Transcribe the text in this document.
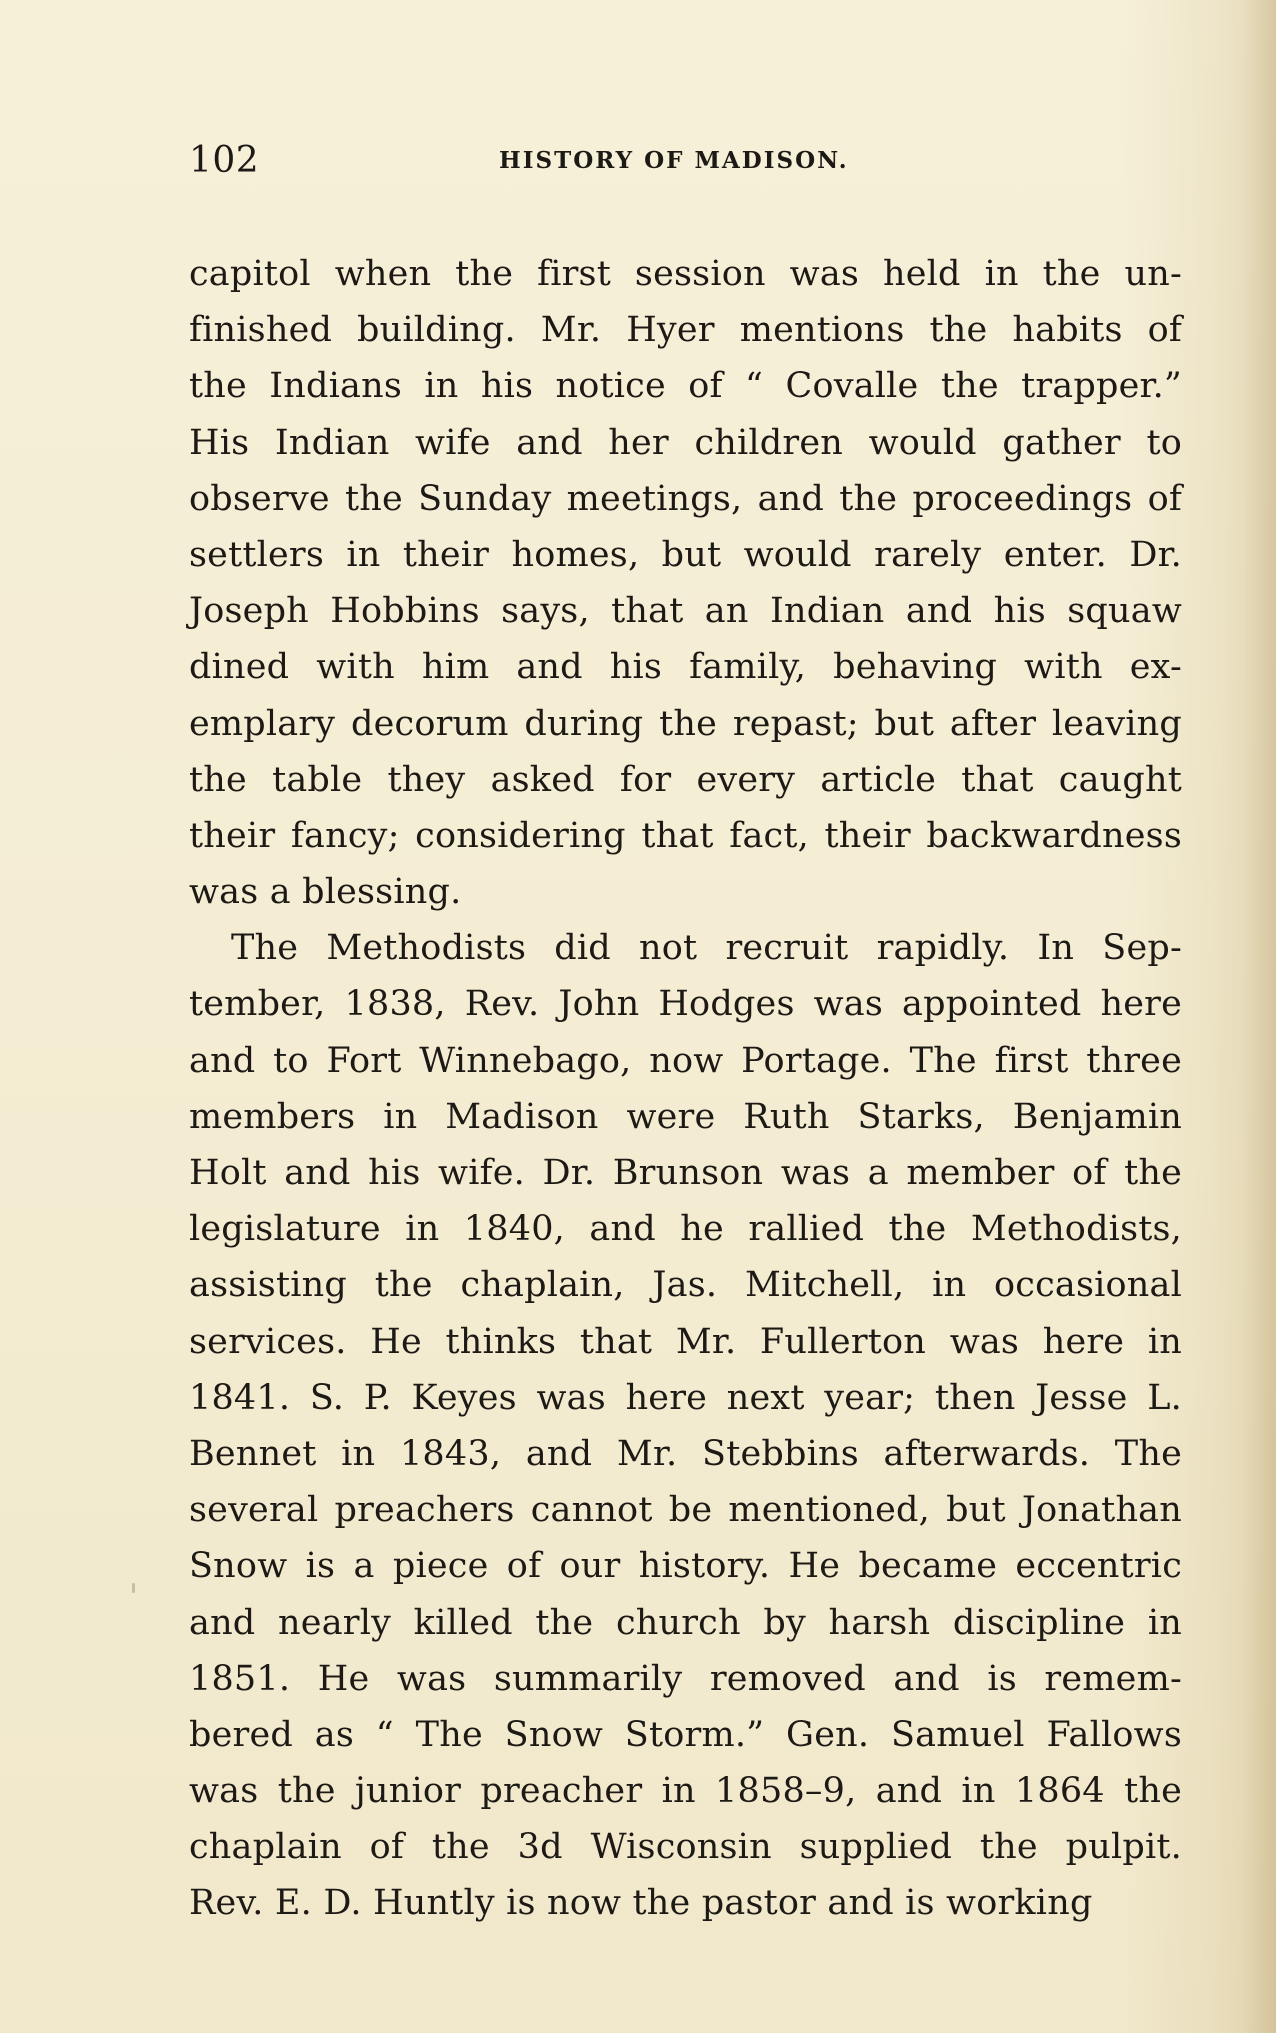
102	HISTORY OF MADISON.
capitol when the first session was held in the un-
finished building. Mr. Hyer mentions the habits of
the Indians in his notice of “ Covalle the trapper.”
His Indian wife and her children would gather to
observe the Sunday meetings, and the proceedings of
settlers in their homes, but would rarely enter. Dr.
Joseph Hobbins says, that an Indian and his squaw
dined with him and his family, behaving with ex-
emplary decorum during the repast; but after leaving
the table they asked for every article that caught
their fancy; considering that fact, their backwardness
was a blessing.
The Methodists did not recruit rapidly. In Sep-
tember, 1838, Rev. John Hodges was appointed here
and to Fort Winnebago, now Portage. The first three
members in Madison were Ruth Starks, Benjamin
Holt and his wife. Dr. Brunson was a member of the
legislature in 1840, and he rallied the Methodists,
assisting the chaplain, Jas. Mitchell, in occasional
services. He thinks that Mr. Fullerton was here in
1841. S. P. Keyes was here next year; then Jesse L.
Bennet in 1843, and Mr. Stebbins afterwards. The
several preachers cannot be mentioned, but Jonathan
Snow is a piece of our history. He became eccentric
and nearly killed the church by harsh discipline in
1851. He was summarily removed and is remem-
bered as “ The Snow Storm.” Gen. Samuel Fallows
was the junior preacher in 1858–9, and in 1864 the
chaplain of the 3d Wisconsin supplied the pulpit.
Rev. E. D. Huntly is now the pastor and is working
